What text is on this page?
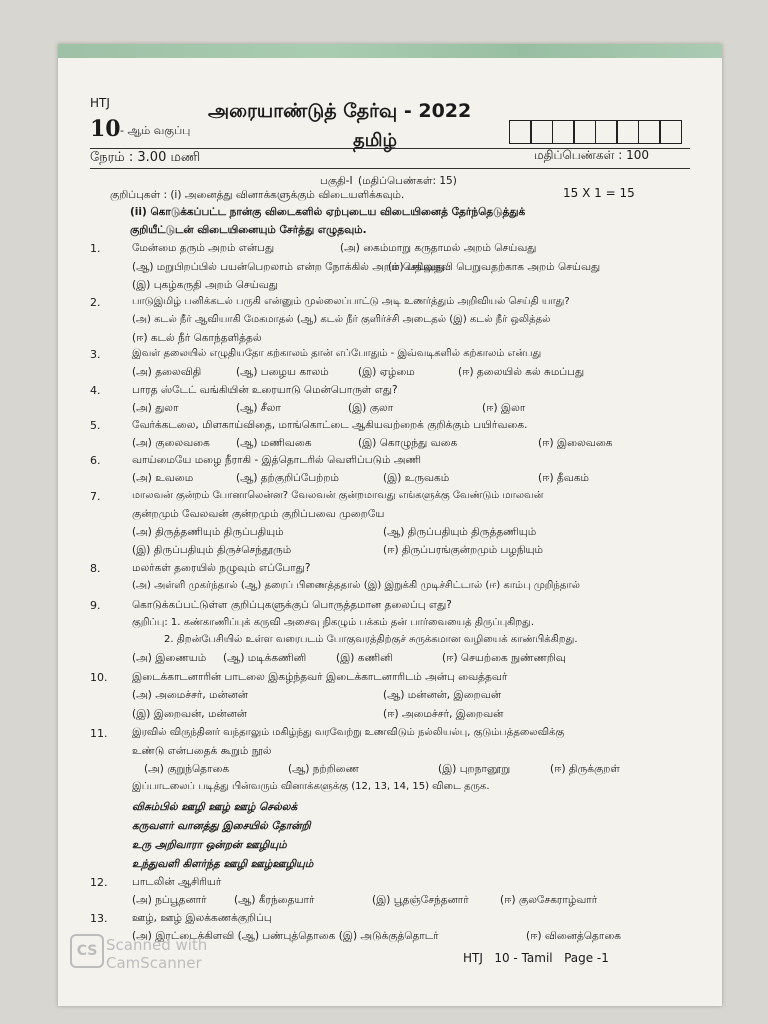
HTJ
10 - ஆம் வகுப்பு
அரையாண்டுத் தேர்வு - 2022
தமிழ்
நேரம் : 3.00 மணி	மதிப்பெண்கள் : 100
பகுதி-I (மதிப்பெண்கள்: 15)
15 X 1 = 15
குறிப்புகள் : (i) அனைத்து வினாக்களுக்கும் விடையளிக்கவும்.
(ii) கொடுக்கப்பட்ட நான்கு விடைகளில் ஏற்புடைய விடையினைத் தேர்ந்தெடுத்துக்
குறியீட்டுடன் விடையினையும் சேர்த்து எழுதவும்.
1.	மேன்மை தரும் அறம் என்பது	(அ) கைம்மாறு கருதாமல் அறம் செய்வது
(ஆ) மறுபிறப்பில் பயன்பெறலாம் என்ற நோக்கில் அறம் செய்வது
(ஈ) பதிலுதவி பெறுவதற்காக அறம் செய்வது
(இ) புகழ்கருதி அறம் செய்வது
2.	பாடுஇமிழ் பனிக்கடல் பருகி என்னும் முல்லைப்பாட்டு அடி உணர்த்தும் அறிவியல் செய்தி யாது?
(அ) கடல் நீர் ஆவியாகி மேகமாதல் (ஆ) கடல் நீர் குளிர்ச்சி அடைதல் (இ) கடல் நீர் ஒலித்தல்
(ஈ) கடல் நீர் கொந்தளித்தல்
3.	இவள் தலையில் எழுதியதோ கற்காலம் தான் எப்போதும் - இவ்வடிகளில் கற்காலம் என்பது
(அ) தலைவிதி	(ஆ) பழைய காலம்	(இ) ஏழ்மை	(ஈ) தலையில் கல் சுமப்பது
4.	பாரத ஸ்டேட் வங்கியின் உரையாடு மென்பொருள் எது?
(அ) துலா	(ஆ) சீலா	(இ) குலா	(ஈ) இலா
5.	வேர்க்கடலை, மிளகாய்விதை, மாங்கொட்டை ஆகியவற்றைக் குறிக்கும் பயிர்வகை.
(அ) குலைவகை (ஆ) மணிவகை	(இ) கொழுந்து வகை	(ஈ) இலைவகை
6.	வாய்மையே மழை நீராகி - இத்தொடரில் வெளிப்படும் அணி
(அ) உவமை	(ஆ) தற்குறிப்பேற்றம்	(இ) உருவகம்	(ஈ) தீவகம்
7.	மாலவன் குன்றம் போனாலென்ன? வேலவன் குன்றமாவது எங்களுக்கு வேண்டும் மாலவன்
குன்றமும் வேலவன் குன்றமும் குறிப்பவை முறையே
(அ) திருத்தணியும் திருப்பதியும்	(ஆ) திருப்பதியும் திருத்தணியும்
(இ) திருப்பதியும் திருச்செந்தூரும்	(ஈ) திருப்பரங்குன்றமும் பழநியும்
8.	மலர்கள் தரையில் நழுவும் எப்போது?
(அ) அள்ளி முகர்ந்தால் (ஆ) தரைப் பிணைத்ததால் (இ) இறுக்கி முடிச்சிட்டால் (ஈ) காம்பு முறிந்தால்
9.	கொடுக்கப்பட்டுள்ள குறிப்புகளுக்குப் பொருத்தமான தலைப்பு எது?
குறிப்பு: 1. கண்காணிப்புக் கருவி அசைவு நிகழும் பக்கம் தன் பார்வையைத் திருப்புகிறது.
2. திறன்பேசியில் உள்ள வரைபடம் போகுவரத்திற்குச் சுருக்கமான வழியைக் காண்பிக்கிறது.
(அ) இணையம் (ஆ) மடிக்கணினி	(இ) கணினி	(ஈ) செயற்கை நுண்ணறிவு
10. இடைக்காடனாரின் பாடலை இகழ்ந்தவர் இடைக்காடனாரிடம் அன்பு வைத்தவர்
(அ) அமைச்சர், மன்னன்	(ஆ) மன்னன், இறைவன்
(இ) இறைவன், மன்னன்	(ஈ) அமைச்சர், இறைவன்
11. இரவில் விருந்தினர் வந்தாலும் மகிழ்ந்து வரவேற்று உணவிடும் நல்லியல்பு, குடும்பத்தலைவிக்கு
உண்டு என்பதைக் கூறும் நூல்
(அ) குறுந்தொகை	(ஆ) நற்றிணை	(இ) புறநானூறு	(ஈ) திருக்குறள்
இப்பாடலைப் படித்து பின்வரும் வினாக்களுக்கு (12, 13, 14, 15) விடை தருக.
விசும்பில் ஊழி ஊழ் ஊழ் செல்லக்
கருவளர் வானத்து இசையில் தோன்றி
உரு அறிவாரா ஒன்றன் ஊழியும்
உந்துவளி கிளர்ந்த ஊழி ஊழ்ஊழியும்
12. பாடலின் ஆசிரியர்
(அ) நப்பூதனார்	(ஆ) கீரந்தையார்	(இ) பூதஞ்சேந்தனார்	(ஈ) குலசேகராழ்வார்
13. ஊழ், ஊழ் இலக்கணக்குறிப்பு
(அ) இரட்டைக்கிளவி (ஆ) பண்புத்தொகை (இ) அடுக்குத்தொடர்	(ஈ) வினைத்தொகை
HTJ   10 - Tamil   Page -1
CS Scanned with
CamScanner
